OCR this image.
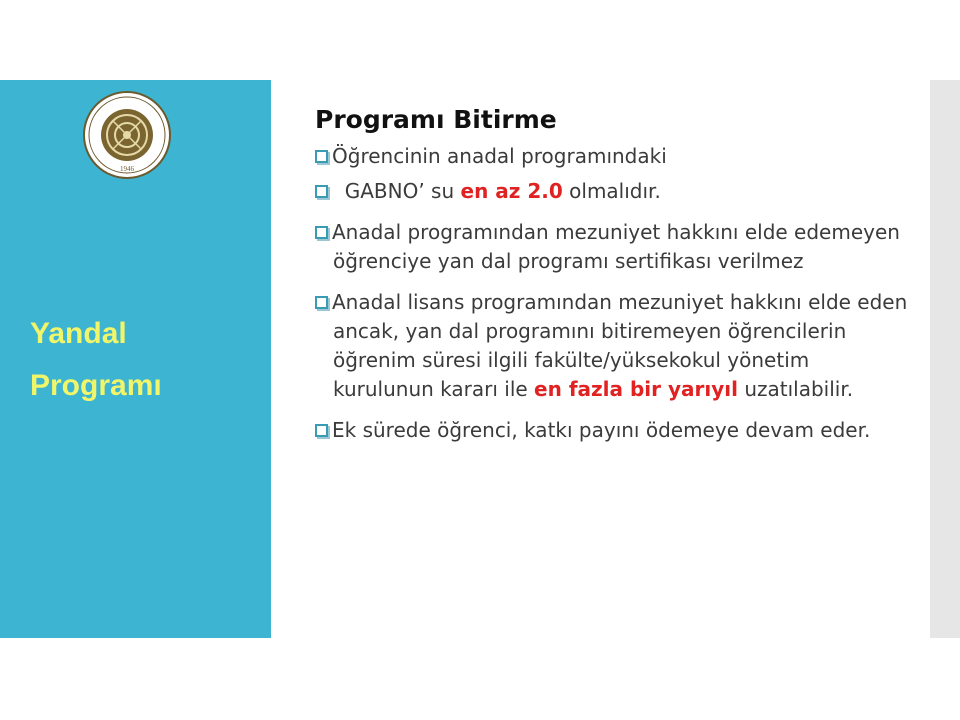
1946
Yandal
Programı
Programı Bitirme
Öğrencinin anadal programındaki
GABNO’ su en az 2.0 olmalıdır.
Anadal programından mezuniyet hakkını elde edemeyen öğrenciye yan dal programı sertifikası verilmez
Anadal lisans programından mezuniyet hakkını elde eden ancak, yan dal programını bitiremeyen öğrencilerin öğrenim süresi ilgili fakülte/yüksekokul yönetim kurulunun kararı ile en fazla bir yarıyıl uzatılabilir.
Ek sürede öğrenci, katkı payını ödemeye devam eder.
